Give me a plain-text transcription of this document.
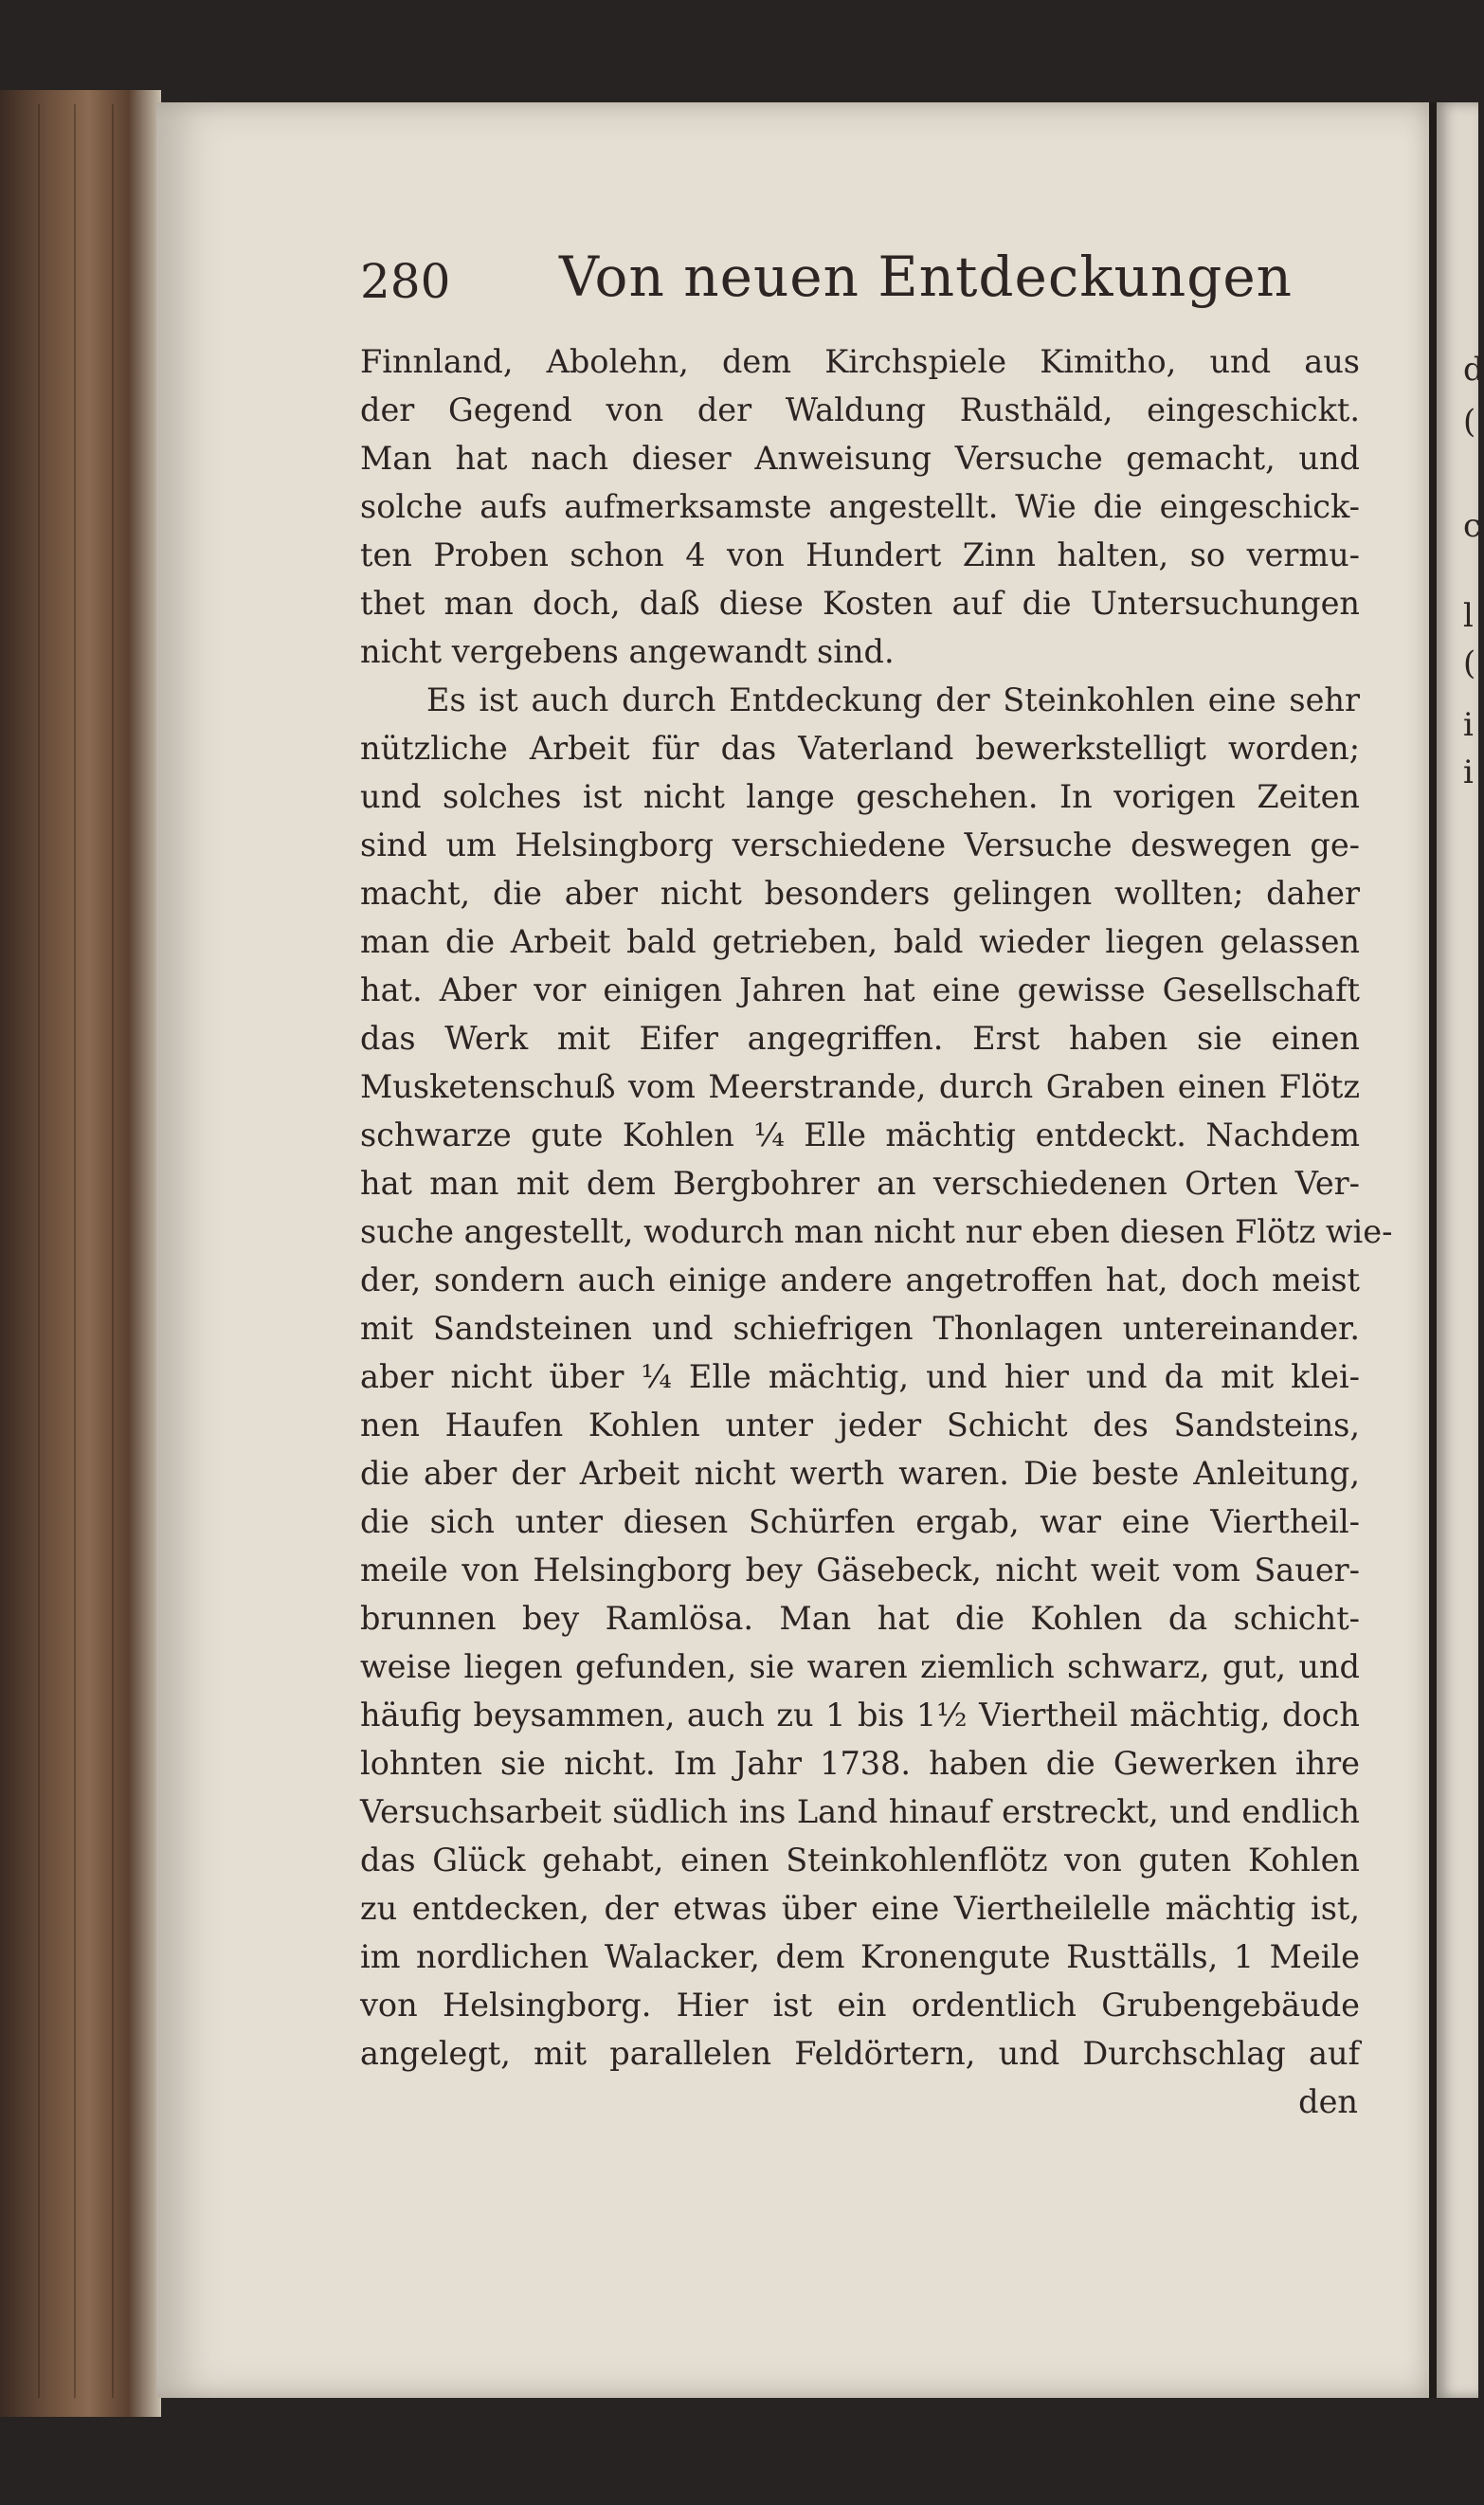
d
(
c
l
(
i
i
280 Von neuen Entdeckungen
Finnland, Abolehn, dem Kirchspiele Kimitho, und aus
der Gegend von der Waldung Rusthäld, eingeschickt.
Man hat nach dieser Anweisung Versuche gemacht, und
solche aufs aufmerksamste angestellt. Wie die eingeschick-
ten Proben schon 4 von Hundert Zinn halten, so vermu-
thet man doch, daß diese Kosten auf die Untersuchungen
nicht vergebens angewandt sind.
Es ist auch durch Entdeckung der Steinkohlen eine sehr
nützliche Arbeit für das Vaterland bewerkstelligt worden;
und solches ist nicht lange geschehen. In vorigen Zeiten
sind um Helsingborg verschiedene Versuche deswegen ge-
macht, die aber nicht besonders gelingen wollten; daher
man die Arbeit bald getrieben, bald wieder liegen gelassen
hat. Aber vor einigen Jahren hat eine gewisse Gesellschaft
das Werk mit Eifer angegriffen. Erst haben sie einen
Musketenschuß vom Meerstrande, durch Graben einen Flötz
schwarze gute Kohlen ¼ Elle mächtig entdeckt. Nachdem
hat man mit dem Bergbohrer an verschiedenen Orten Ver-
suche angestellt, wodurch man nicht nur eben diesen Flötz wie-
der, sondern auch einige andere angetroffen hat, doch meist
mit Sandsteinen und schiefrigen Thonlagen untereinander.
aber nicht über ¼ Elle mächtig, und hier und da mit klei-
nen Haufen Kohlen unter jeder Schicht des Sandsteins,
die aber der Arbeit nicht werth waren. Die beste Anleitung,
die sich unter diesen Schürfen ergab, war eine Viertheil-
meile von Helsingborg bey Gäsebeck, nicht weit vom Sauer-
brunnen bey Ramlösa. Man hat die Kohlen da schicht-
weise liegen gefunden, sie waren ziemlich schwarz, gut, und
häufig beysammen, auch zu 1 bis 1½ Viertheil mächtig, doch
lohnten sie nicht. Im Jahr 1738. haben die Gewerken ihre
Versuchsarbeit südlich ins Land hinauf erstreckt, und endlich
das Glück gehabt, einen Steinkohlenflötz von guten Kohlen
zu entdecken, der etwas über eine Viertheilelle mächtig ist,
im nordlichen Walacker, dem Kronengute Rusttälls, 1 Meile
von Helsingborg. Hier ist ein ordentlich Grubengebäude
angelegt, mit parallelen Feldörtern, und Durchschlag auf
den
